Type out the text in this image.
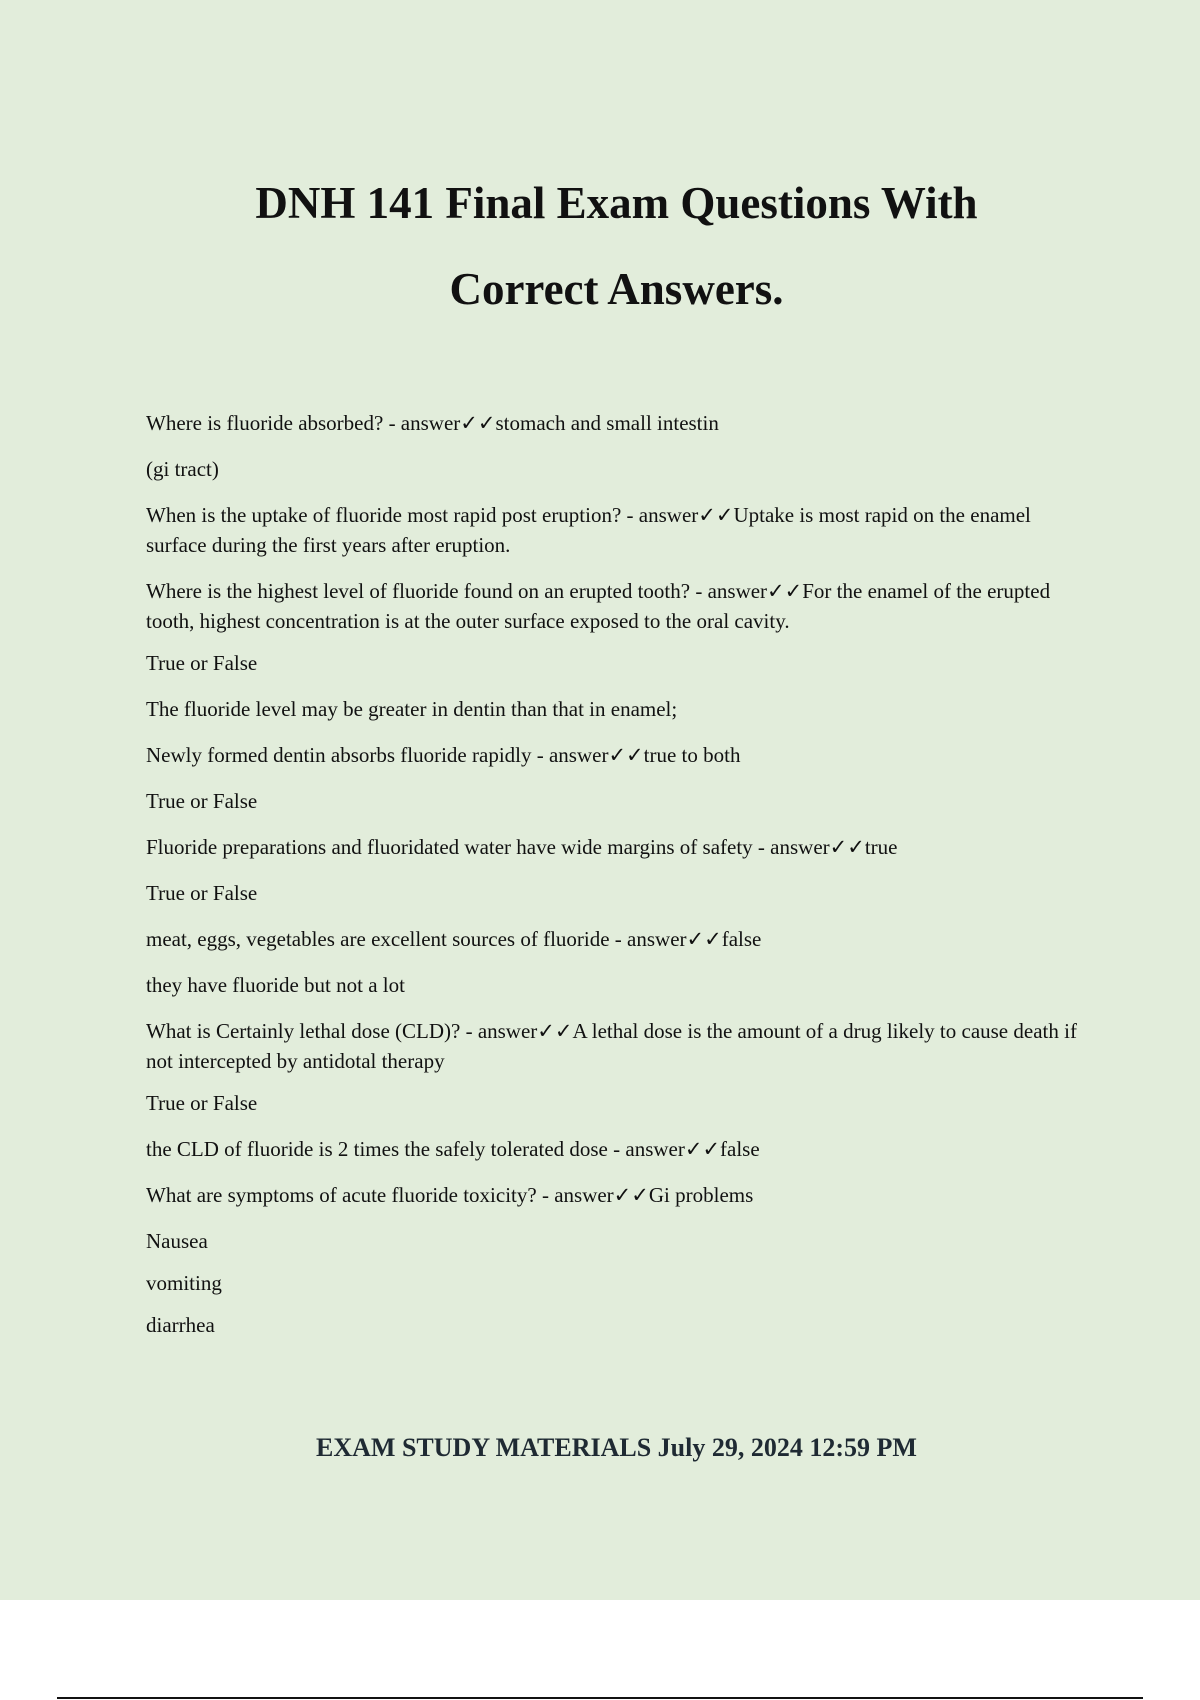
DNH 141 Final Exam Questions With
Correct Answers.

Where is fluoride absorbed? - answer✓✓stomach and small intestin

(gi tract)

When is the uptake of fluoride most rapid post eruption? - answer✓✓Uptake is most rapid on the enamel surface during the first years after eruption.

Where is the highest level of fluoride found on an erupted tooth? - answer✓✓For the enamel of the erupted tooth, highest concentration is at the outer surface exposed to the oral cavity.

True or False

The fluoride level may be greater in dentin than that in enamel;

Newly formed dentin absorbs fluoride rapidly - answer✓✓true to both

True or False

Fluoride preparations and fluoridated water have wide margins of safety - answer✓✓true

True or False

meat, eggs, vegetables are excellent sources of fluoride - answer✓✓false

they have fluoride but not a lot

What is Certainly lethal dose (CLD)? - answer✓✓A lethal dose is the amount of a drug likely to cause death if not intercepted by antidotal therapy

True or False

the CLD of fluoride is 2 times the safely tolerated dose - answer✓✓false

What are symptoms of acute fluoride toxicity? - answer✓✓Gi problems

Nausea

vomiting

diarrhea

EXAM STUDY MATERIALS July 29, 2024 12:59 PM
